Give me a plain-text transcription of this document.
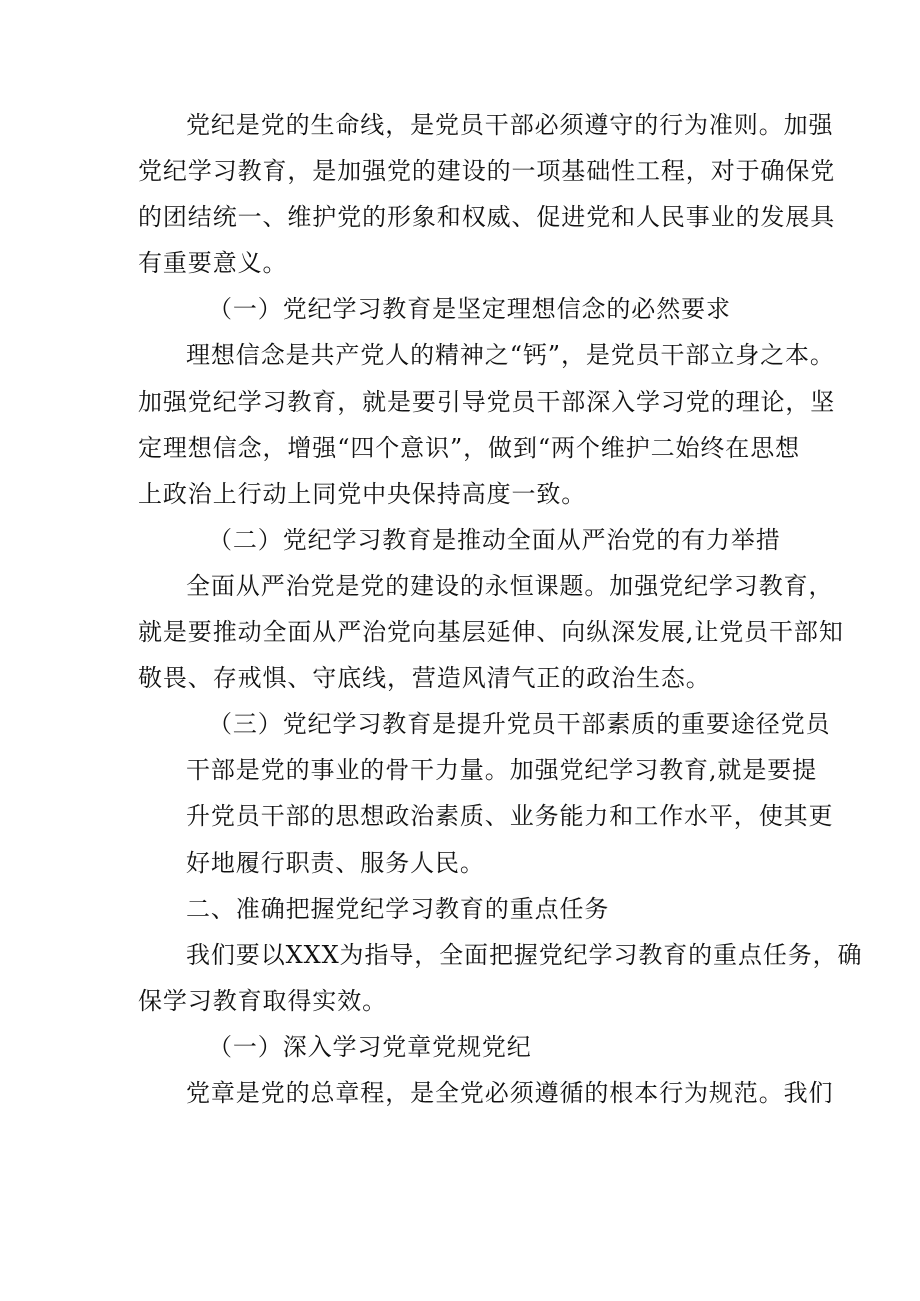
党纪是党的生命线，是党员干部必须遵守的行为准则。加强
党纪学习教育，是加强党的建设的一项基础性工程，对于确保党
的团结统一、维护党的形象和权威、促进党和人民事业的发展具
有重要意义。
（一）党纪学习教育是坚定理想信念的必然要求
理想信念是共产党人的精神之“钙”，是党员干部立身之本。
加强党纪学习教育，就是要引导党员干部深入学习党的理论，坚
定理想信念，增强“四个意识”，做到“两个维护二始终在思想
上政治上行动上同党中央保持高度一致。
（二）党纪学习教育是推动全面从严治党的有力举措
全面从严治党是党的建设的永恒课题。加强党纪学习教育，
就是要推动全面从严治党向基层延伸、向纵深发展,让党员干部知
敬畏、存戒惧、守底线，营造风清气正的政治生态。
（三）党纪学习教育是提升党员干部素质的重要途径党员
干部是党的事业的骨干力量。加强党纪学习教育,就是要提
升党员干部的思想政治素质、业务能力和工作水平，使其更
好地履行职责、服务人民。
二、准确把握党纪学习教育的重点任务
我们要以XXX为指导，全面把握党纪学习教育的重点任务，确
保学习教育取得实效。
（一）深入学习党章党规党纪
党章是党的总章程，是全党必须遵循的根本行为规范。我们
